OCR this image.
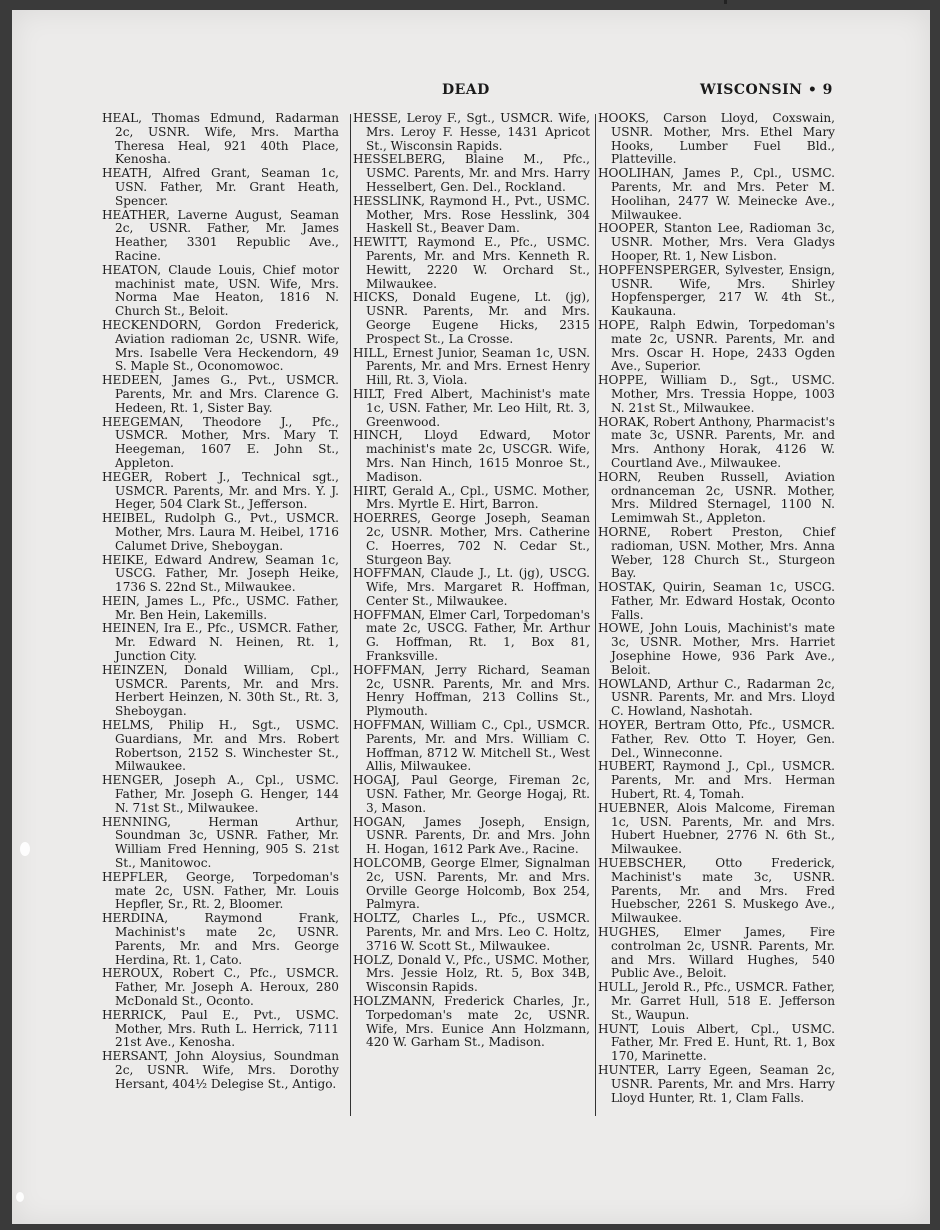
DEAD	WISCONSIN • 9

HEAL, Thomas Edmund, Radarman 2c, USNR. Wife, Mrs. Martha Theresa Heal, 921 40th Place, Kenosha.

HEATH, Alfred Grant, Seaman 1c, USN. Father, Mr. Grant Heath, Spencer.

HEATHER, Laverne August, Seaman 2c, USNR. Father, Mr. James Heather, 3301 Republic Ave., Racine.

HEATON, Claude Louis, Chief motor machinist mate, USN. Wife, Mrs. Norma Mae Heaton, 1816 N. Church St., Beloit.

HECKENDORN, Gordon Frederick, Aviation radioman 2c, USNR. Wife, Mrs. Isabelle Vera Heckendorn, 49 S. Maple St., Oconomowoc.

HEDEEN, James G., Pvt., USMCR. Parents, Mr. and Mrs. Clarence G. Hedeen, Rt. 1, Sister Bay.

HEEGEMAN, Theodore J., Pfc., USMCR. Mother, Mrs. Mary T. Heegeman, 1607 E. John St., Appleton.

HEGER, Robert J., Technical sgt., USMCR. Parents, Mr. and Mrs. Y. J. Heger, 504 Clark St., Jefferson.

HEIBEL, Rudolph G., Pvt., USMCR. Mother, Mrs. Laura M. Heibel, 1716 Calumet Drive, Sheboygan.

HEIKE, Edward Andrew, Seaman 1c, USCG. Father, Mr. Joseph Heike, 1736 S. 22nd St., Milwaukee.

HEIN, James L., Pfc., USMC. Father, Mr. Ben Hein, Lakemills.

HEINEN, Ira E., Pfc., USMCR. Father, Mr. Edward N. Heinen, Rt. 1, Junction City.

HEINZEN, Donald William, Cpl., USMCR. Parents, Mr. and Mrs. Herbert Heinzen, N. 30th St., Rt. 3, Sheboygan.

HELMS, Philip H., Sgt., USMC. Guardians, Mr. and Mrs. Robert Robertson, 2152 S. Winchester St., Milwaukee.

HENGER, Joseph A., Cpl., USMC. Father, Mr. Joseph G. Henger, 144 N. 71st St., Milwaukee.

HENNING, Herman Arthur, Soundman 3c, USNR. Father, Mr. William Fred Henning, 905 S. 21st St., Manitowoc.

HEPFLER, George, Torpedoman's mate 2c, USN. Father, Mr. Louis Hepfler, Sr., Rt. 2, Bloomer.

HERDINA, Raymond Frank, Machinist's mate 2c, USNR. Parents, Mr. and Mrs. George Herdina, Rt. 1, Cato.

HEROUX, Robert C., Pfc., USMCR. Father, Mr. Joseph A. Heroux, 280 McDonald St., Oconto.

HERRICK, Paul E., Pvt., USMC. Mother, Mrs. Ruth L. Herrick, 7111 21st Ave., Kenosha.

HERSANT, John Aloysius, Soundman 2c, USNR. Wife, Mrs. Dorothy Hersant, 404½ Delegise St., Antigo.

HESSE, Leroy F., Sgt., USMCR. Wife, Mrs. Leroy F. Hesse, 1431 Apricot St., Wisconsin Rapids.

HESSELBERG, Blaine M., Pfc., USMC. Parents, Mr. and Mrs. Harry Hesselbert, Gen. Del., Rockland.

HESSLINK, Raymond H., Pvt., USMC. Mother, Mrs. Rose Hesslink, 304 Haskell St., Beaver Dam.

HEWITT, Raymond E., Pfc., USMC. Parents, Mr. and Mrs. Kenneth R. Hewitt, 2220 W. Orchard St., Milwaukee.

HICKS, Donald Eugene, Lt. (jg), USNR. Parents, Mr. and Mrs. George Eugene Hicks, 2315 Prospect St., La Crosse.

HILL, Ernest Junior, Seaman 1c, USN. Parents, Mr. and Mrs. Ernest Henry Hill, Rt. 3, Viola.

HILT, Fred Albert, Machinist's mate 1c, USN. Father, Mr. Leo Hilt, Rt. 3, Greenwood.

HINCH, Lloyd Edward, Motor machinist's mate 2c, USCGR. Wife, Mrs. Nan Hinch, 1615 Monroe St., Madison.

HIRT, Gerald A., Cpl., USMC. Mother, Mrs. Myrtle E. Hirt, Barron.

HOERRES, George Joseph, Seaman 2c, USNR. Mother, Mrs. Catherine C. Hoerres, 702 N. Cedar St., Sturgeon Bay.

HOFFMAN, Claude J., Lt. (jg), USCG. Wife, Mrs. Margaret R. Hoffman, Center St., Milwaukee.

HOFFMAN, Elmer Carl, Torpedoman's mate 2c, USCG. Father, Mr. Arthur G. Hoffman, Rt. 1, Box 81, Franksville.

HOFFMAN, Jerry Richard, Seaman 2c, USNR. Parents, Mr. and Mrs. Henry Hoffman, 213 Collins St., Plymouth.

HOFFMAN, William C., Cpl., USMCR. Parents, Mr. and Mrs. William C. Hoffman, 8712 W. Mitchell St., West Allis, Milwaukee.

HOGAJ, Paul George, Fireman 2c, USN. Father, Mr. George Hogaj, Rt. 3, Mason.

HOGAN, James Joseph, Ensign, USNR. Parents, Dr. and Mrs. John H. Hogan, 1612 Park Ave., Racine.

HOLCOMB, George Elmer, Signalman 2c, USN. Parents, Mr. and Mrs. Orville George Holcomb, Box 254, Palmyra.

HOLTZ, Charles L., Pfc., USMCR. Parents, Mr. and Mrs. Leo C. Holtz, 3716 W. Scott St., Milwaukee.

HOLZ, Donald V., Pfc., USMC. Mother, Mrs. Jessie Holz, Rt. 5, Box 34B, Wisconsin Rapids.

HOLZMANN, Frederick Charles, Jr., Torpedoman's mate 2c, USNR. Wife, Mrs. Eunice Ann Holzmann, 420 W. Garham St., Madison.

HOOKS, Carson Lloyd, Coxswain, USNR. Mother, Mrs. Ethel Mary Hooks, Lumber Fuel Bld., Platteville.

HOOLIHAN, James P., Cpl., USMC. Parents, Mr. and Mrs. Peter M. Hoolihan, 2477 W. Meinecke Ave., Milwaukee.

HOOPER, Stanton Lee, Radioman 3c, USNR. Mother, Mrs. Vera Gladys Hooper, Rt. 1, New Lisbon.

HOPFENSPERGER, Sylvester, Ensign, USNR. Wife, Mrs. Shirley Hopfensperger, 217 W. 4th St., Kaukauna.

HOPE, Ralph Edwin, Torpedoman's mate 2c, USNR. Parents, Mr. and Mrs. Oscar H. Hope, 2433 Ogden Ave., Superior.

HOPPE, William D., Sgt., USMC. Mother, Mrs. Tressia Hoppe, 1003 N. 21st St., Milwaukee.

HORAK, Robert Anthony, Pharmacist's mate 3c, USNR. Parents, Mr. and Mrs. Anthony Horak, 4126 W. Courtland Ave., Milwaukee.

HORN, Reuben Russell, Aviation ordnanceman 2c, USNR. Mother, Mrs. Mildred Sternagel, 1100 N. Lemimwah St., Appleton.

HORNE, Robert Preston, Chief radioman, USN. Mother, Mrs. Anna Weber, 128 Church St., Sturgeon Bay.

HOSTAK, Quirin, Seaman 1c, USCG. Father, Mr. Edward Hostak, Oconto Falls.

HOWE, John Louis, Machinist's mate 3c, USNR. Mother, Mrs. Harriet Josephine Howe, 936 Park Ave., Beloit.

HOWLAND, Arthur C., Radarman 2c, USNR. Parents, Mr. and Mrs. Lloyd C. Howland, Nashotah.

HOYER, Bertram Otto, Pfc., USMCR. Father, Rev. Otto T. Hoyer, Gen. Del., Winneconne.

HUBERT, Raymond J., Cpl., USMCR. Parents, Mr. and Mrs. Herman Hubert, Rt. 4, Tomah.

HUEBNER, Alois Malcome, Fireman 1c, USN. Parents, Mr. and Mrs. Hubert Huebner, 2776 N. 6th St., Milwaukee.

HUEBSCHER, Otto Frederick, Machinist's mate 3c, USNR. Parents, Mr. and Mrs. Fred Huebscher, 2261 S. Muskego Ave., Milwaukee.

HUGHES, Elmer James, Fire controlman 2c, USNR. Parents, Mr. and Mrs. Willard Hughes, 540 Public Ave., Beloit.

HULL, Jerold R., Pfc., USMCR. Father, Mr. Garret Hull, 518 E. Jefferson St., Waupun.

HUNT, Louis Albert, Cpl., USMC. Father, Mr. Fred E. Hunt, Rt. 1, Box 170, Marinette.

HUNTER, Larry Egeen, Seaman 2c, USNR. Parents, Mr. and Mrs. Harry Lloyd Hunter, Rt. 1, Clam Falls.
